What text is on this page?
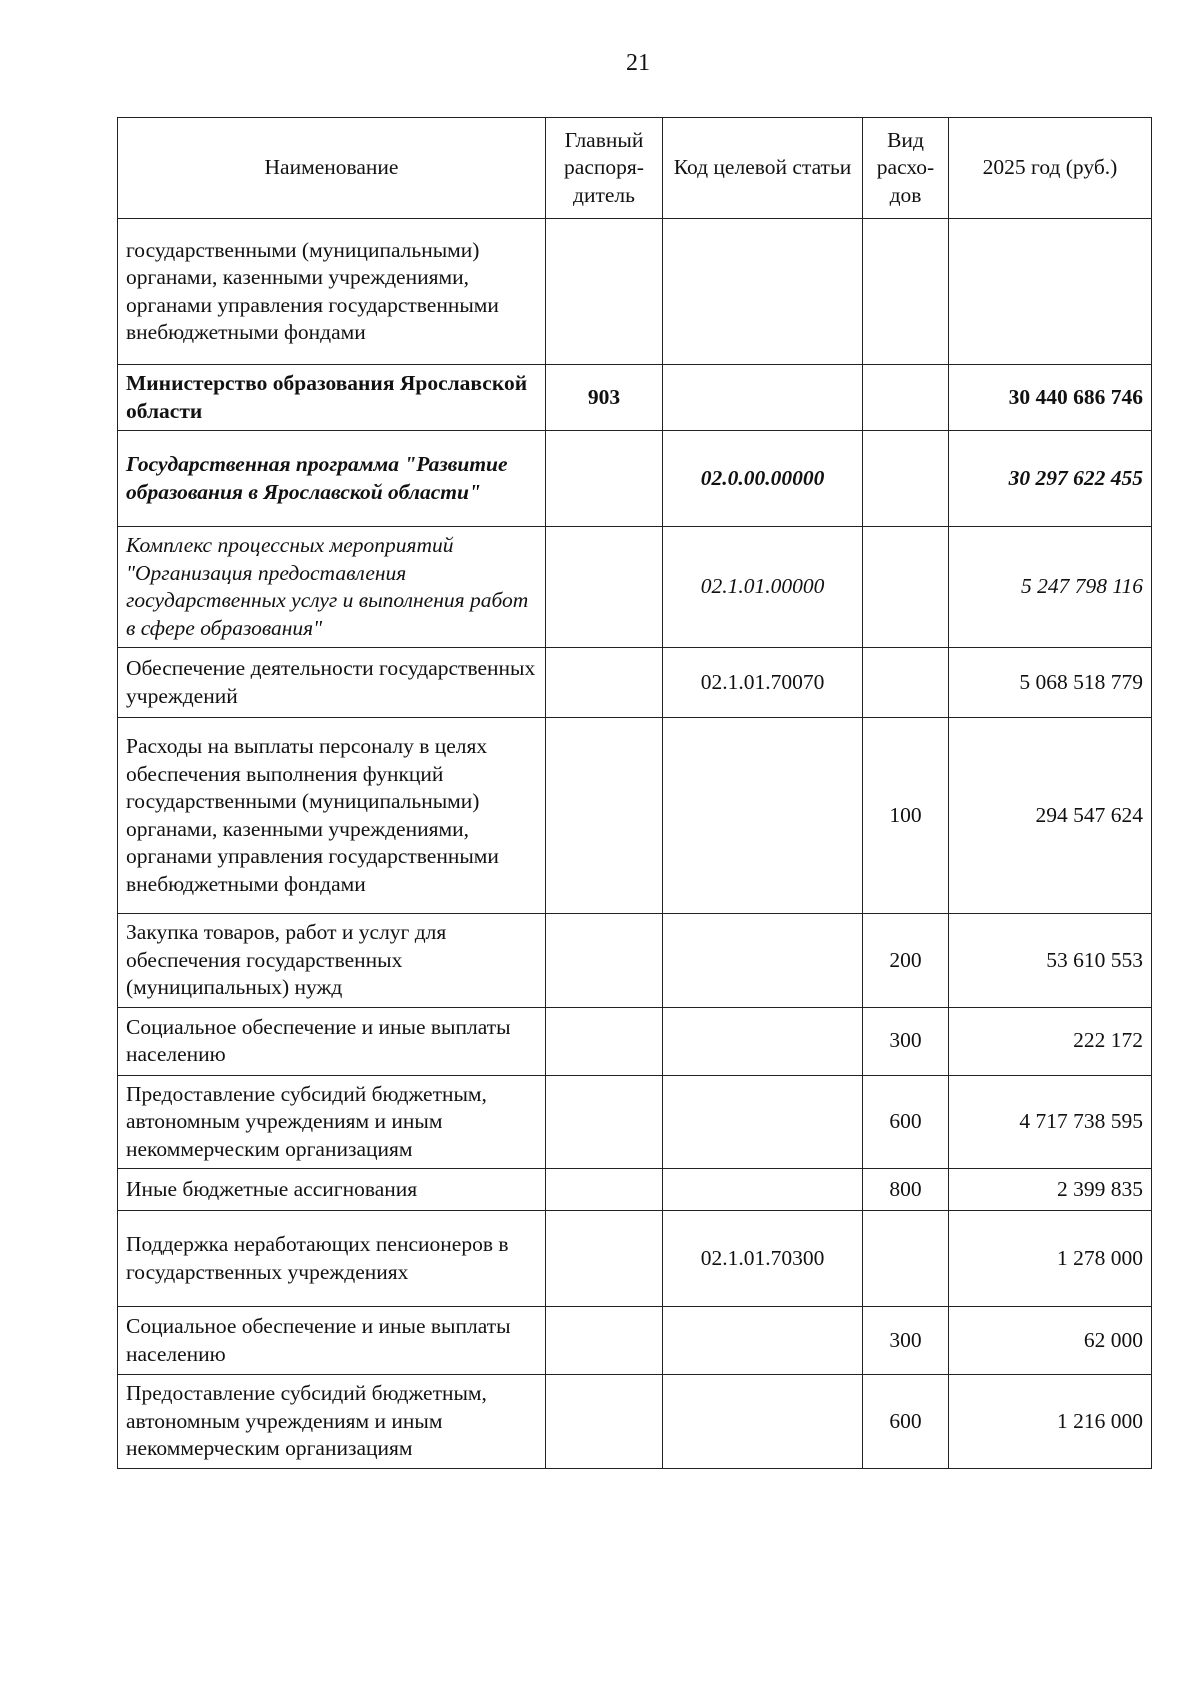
21
Наименование	Главный распоря-дитель	Код целевой статьи	Вид расхо-дов	2025 год (руб.)
государственными (муниципальными) органами, казенными учреждениями, органами управления государственными внебюджетными фондами				
Министерство образования Ярославской области	903			30 440 686 746
Государственная программа "Развитие образования в Ярославской области"		02.0.00.00000		30 297 622 455
Комплекс процессных мероприятий "Организация предоставления государственных услуг и выполнения работ в сфере образования"		02.1.01.00000		5 247 798 116
Обеспечение деятельности государственных учреждений		02.1.01.70070		5 068 518 779
Расходы на выплаты персоналу в целях обеспечения выполнения функций государственными (муниципальными) органами, казенными учреждениями, органами управления государственными внебюджетными фондами			100	294 547 624
Закупка товаров, работ и услуг для обеспечения государственных (муниципальных) нужд			200	53 610 553
Социальное обеспечение и иные выплаты населению			300	222 172
Предоставление субсидий бюджетным, автономным учреждениям и иным некоммерческим организациям			600	4 717 738 595
Иные бюджетные ассигнования			800	2 399 835
Поддержка неработающих пенсионеров в государственных учреждениях		02.1.01.70300		1 278 000
Социальное обеспечение и иные выплаты населению			300	62 000
Предоставление субсидий бюджетным, автономным учреждениям и иным некоммерческим организациям			600	1 216 000
